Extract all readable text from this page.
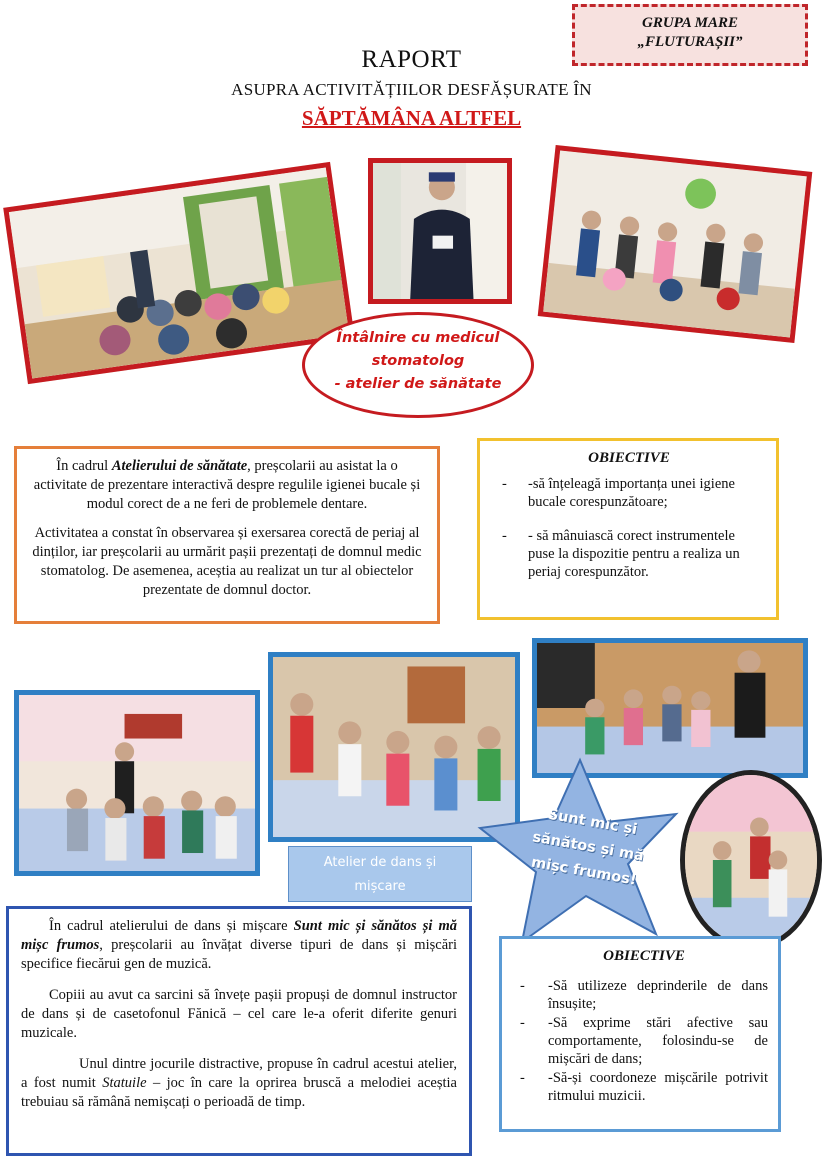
GRUPA MARE
„FLUTURAȘII”
RAPORT
ASUPRA ACTIVITĂȚIILOR DESFĂȘURATE ÎN
SĂPTĂMÂNA ALTFEL
Întâlnire cu medicul
stomatolog
- atelier de sănătate

În cadrul Atelierului de sănătate, preșcolarii au asistat la o activitate de prezentare interactivă despre regulile igienei bucale și modul corect de a ne feri de problemele dentare.

Activitatea a constat în observarea și exersarea corectă de periaj al dinților, iar preșcolarii au urmărit pașii prezentați de domnul medic stomatolog. De asemenea, aceștia au realizat un tur al obiectelor prezentate de domnul doctor.

OBIECTIVE
- -să înțeleagă importanța unei igiene bucale corespunzătoare;
- - să mânuiască corect instrumentele puse la dispozitie pentru a realiza un periaj corespunzător.
Sunt mic și
sănătos și mă
mișc frumos!
Atelier de dans și
mișcare

În cadrul atelierului de dans și mișcare Sunt mic și sănătos și mă mișc frumos, preșcolarii au învățat diverse tipuri de dans și mișcări specifice fiecărui gen de muzică.

Copiii au avut ca sarcini să învețe pașii propuși de domnul instructor de dans și de casetofonul Fănică – cel care le-a oferit diferite genuri muzicale.

Unul dintre jocurile distractive, propuse în cadrul acestui atelier, a fost numit Statuile – joc în care la oprirea bruscă a melodiei aceștia trebuiau să rămână nemișcați o perioadă de timp.

OBIECTIVE
- -Să utilizeze deprinderile de dans însușite;
- -Să exprime stări afective sau comportamente, folosindu-se de mișcări de dans;
- -Să-și coordoneze mișcările potrivit ritmului muzicii.
